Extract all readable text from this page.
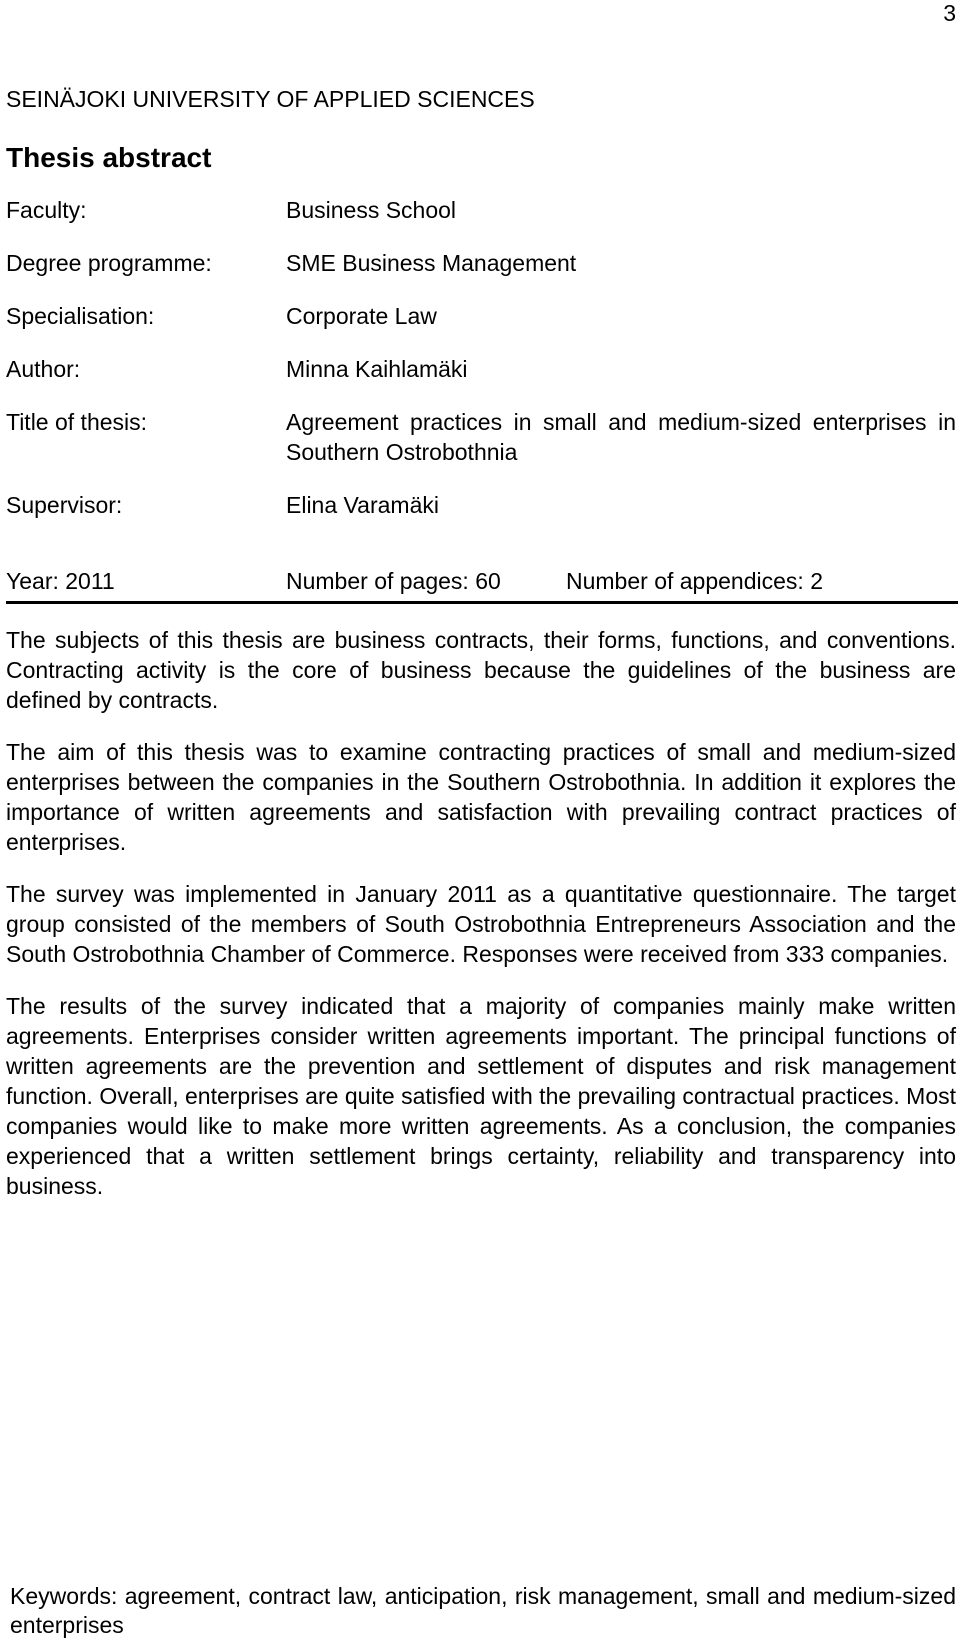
3
SEINÄJOKI UNIVERSITY OF APPLIED SCIENCES
Thesis abstract
Faculty:	Business School
Degree programme:	SME Business Management
Specialisation:	Corporate Law
Author:	Minna Kaihlamäki
Title of thesis:	Agreement practices in small and medium-sized enterprises in Southern Ostrobothnia
Supervisor:	Elina Varamäki
Year: 2011	Number of pages: 60	Number of appendices: 2

The subjects of this thesis are business contracts, their forms, functions, and conventions. Contracting activity is the core of business because the guidelines of the business are defined by contracts.

The aim of this thesis was to examine contracting practices of small and medium-sized enterprises between the companies in the Southern Ostrobothnia. In addition it explores the importance of written agreements and satisfaction with prevailing contract practices of enterprises.

The survey was implemented in January 2011 as a quantitative questionnaire. The target group consisted of the members of South Ostrobothnia Entrepreneurs Association and the South Ostrobothnia Chamber of Commerce. Responses were received from 333 companies.

The results of the survey indicated that a majority of companies mainly make written agreements. Enterprises consider written agreements important. The principal functions of written agreements are the prevention and settlement of disputes and risk management function. Overall, enterprises are quite satisfied with the prevailing contractual practices. Most companies would like to make more written agreements. As a conclusion, the companies experienced that a written settlement brings certainty, reliability and transparency into business.

Keywords: agreement, contract law, anticipation, risk management, small and medium-sized enterprises
